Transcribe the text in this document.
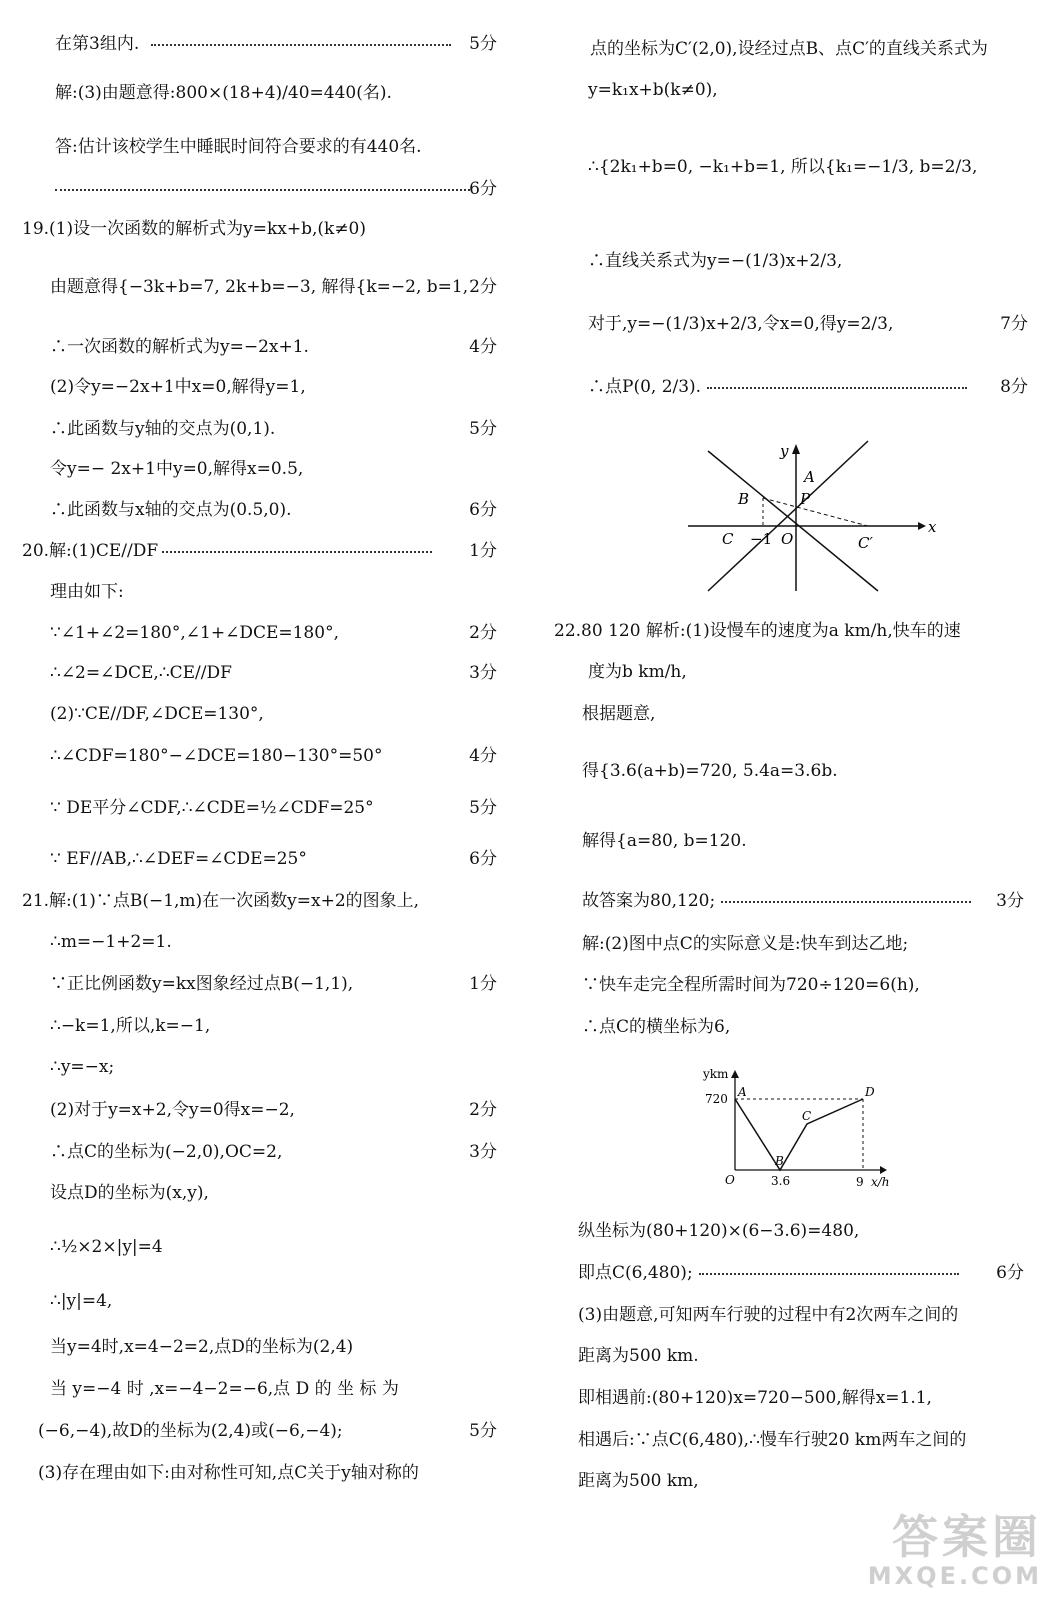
在第3组内.	5分
解:(3)由题意得:800×(18+4)/40=440(名).
答:估计该校学生中睡眠时间符合要求的有440名.
6分
19.(1)设一次函数的解析式为y=kx+b,(k≠0)
由题意得{−3k+b=7, 2k+b=−3, 解得{k=−2, b=1, 2分
∴一次函数的解析式为y=−2x+1.	4分
(2)令y=−2x+1中x=0,解得y=1,
∴此函数与y轴的交点为(0,1).	5分
令y=− 2x+1中y=0,解得x=0.5,
∴此函数与x轴的交点为(0.5,0).	6分
20.解:(1)CE//DF	1分
理由如下:
∵∠1+∠2=180°,∠1+∠DCE=180°,	2分
∴∠2=∠DCE,∴CE//DF	3分
(2)∵CE//DF,∠DCE=130°,
∴∠CDF=180°−∠DCE=180−130°=50°	4分
∵ DE平分∠CDF,∴∠CDE=½∠CDF=25°	5分
∵ EF//AB,∴∠DEF=∠CDE=25°	6分
21.解:(1)∵点B(−1,m)在一次函数y=x+2的图象上,
∴m=−1+2=1.
∵正比例函数y=kx图象经过点B(−1,1),	1分
∴−k=1,所以,k=−1,
∴y=−x;
(2)对于y=x+2,令y=0得x=−2,	2分
∴点C的坐标为(−2,0),OC=2,	3分
设点D的坐标为(x,y),
∴½×2×|y|=4
∴|y|=4,
当y=4时,x=4−2=2,点D的坐标为(2,4)
当 y=−4 时 ,x=−4−2=−6,点 D 的 坐 标 为
(−6,−4),故D的坐标为(2,4)或(−6,−4);	5分
(3)存在理由如下:由对称性可知,点C关于y轴对称的
点的坐标为C′(2,0),设经过点B、点C′的直线关系式为
y=k₁x+b(k≠0),
∴{2k₁+b=0, −k₁+b=1, 所以{k₁=−1/3, b=2/3,
∴直线关系式为y=−(1/3)x+2/3,
对于,y=−(1/3)x+2/3,令x=0,得y=2/3,	7分
∴点P(0, 2/3).	8分
y
x
A
B	P
C −1 O	C′
22.80 120 解析:(1)设慢车的速度为a km/h,快车的速
度为b km/h,
根据题意,
得{3.6(a+b)=720, 5.4a=3.6b.
解得{a=80, b=120.
故答案为80,120;	3分
解:(2)图中点C的实际意义是:快车到达乙地;
∵快车走完全程所需时间为720÷120=6(h),
∴点C的横坐标为6,
ykm
x/h
720 A
B
C
D
O	3.6	9
纵坐标为(80+120)×(6−3.6)=480,
即点C(6,480);	6分
(3)由题意,可知两车行驶的过程中有2次两车之间的
距离为500 km.
即相遇前:(80+120)x=720−500,解得x=1.1,
相遇后:∵点C(6,480),∴慢车行驶20 km两车之间的
距离为500 km,
答案圈
MXQE.COM
